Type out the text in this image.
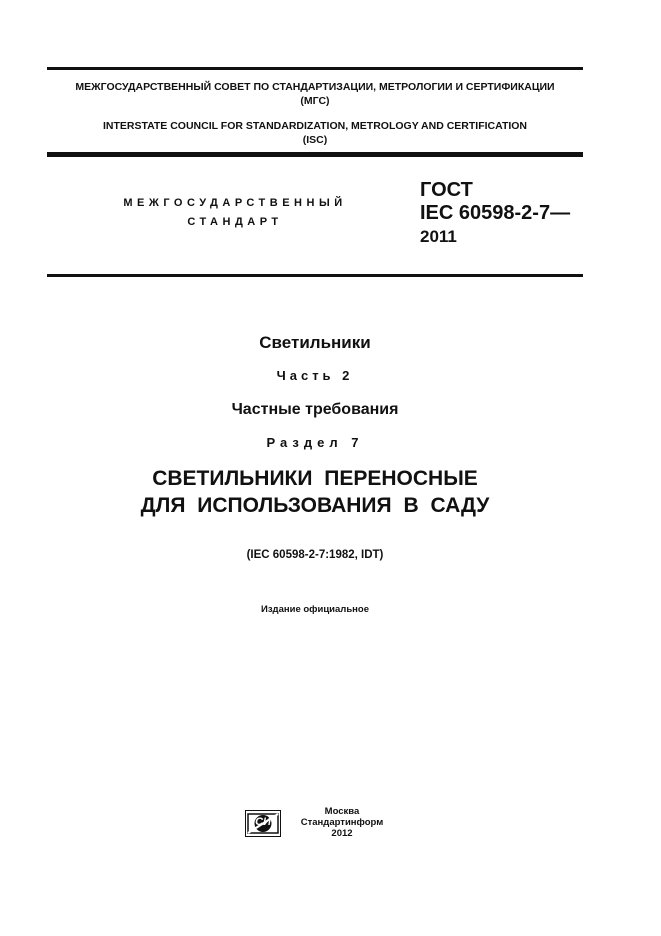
МЕЖГОСУДАРСТВЕННЫЙ СОВЕТ ПО СТАНДАРТИЗАЦИИ, МЕТРОЛОГИИ И СЕРТИФИКАЦИИ
(МГС)
INTERSTATE COUNCIL FOR STANDARDIZATION, METROLOGY AND CERTIFICATION
(ISC)
МЕЖГОСУДАРСТВЕННЫЙ
СТАНДАРТ
ГОСТ
IEC 60598-2-7—
2011
Светильники
Часть 2
Частные требования
Раздел 7
СВЕТИЛЬНИКИ ПЕРЕНОСНЫЕ
ДЛЯ ИСПОЛЬЗОВАНИЯ В САДУ
(IEC 60598-2-7:1982, IDT)
Издание официальное
СИ
Москва
Стандартинформ
2012
